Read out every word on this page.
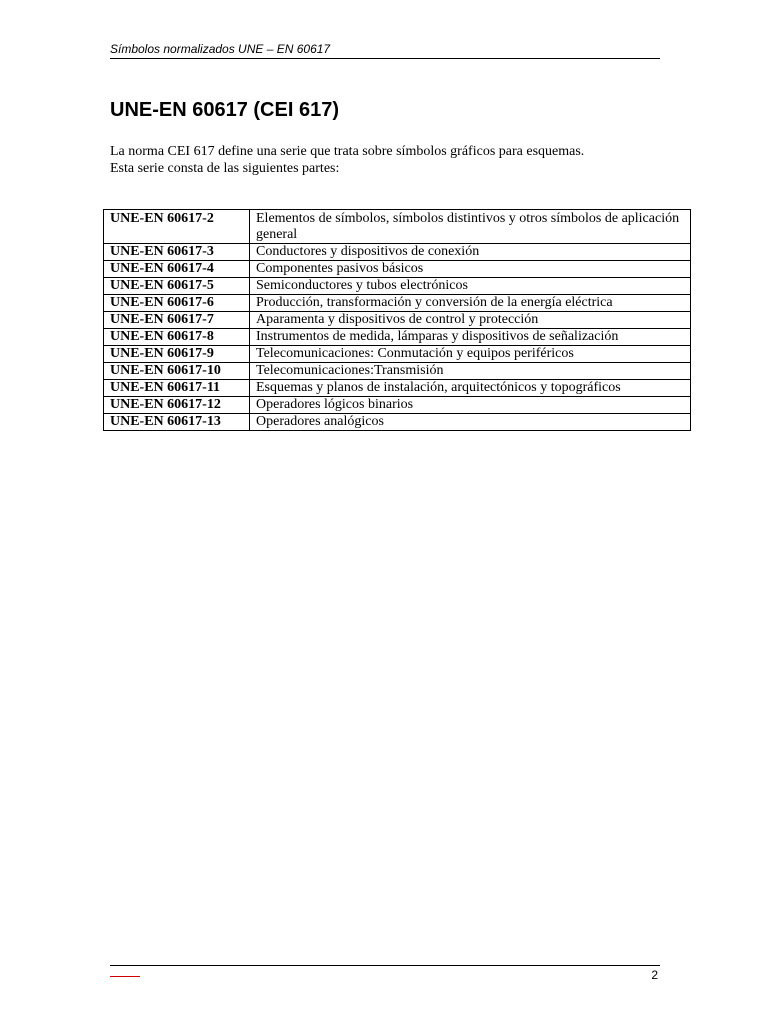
Símbolos normalizados UNE – EN 60617
UNE-EN 60617 (CEI 617)

La norma CEI 617 define una serie que trata sobre símbolos gráficos para esquemas.
Esta serie consta de las siguientes partes:

UNE-EN 60617-2	Elementos de símbolos, símbolos distintivos y otros símbolos de aplicación general
UNE-EN 60617-3	Conductores y dispositivos de conexión
UNE-EN 60617-4	Componentes pasivos básicos
UNE-EN 60617-5	Semiconductores y tubos electrónicos
UNE-EN 60617-6	Producción, transformación y conversión de la energía eléctrica
UNE-EN 60617-7	Aparamenta y dispositivos de control y protección
UNE-EN 60617-8	Instrumentos de medida, lámparas y dispositivos de señalización
UNE-EN 60617-9	Telecomunicaciones: Conmutación y equipos periféricos
UNE-EN 60617-10	Telecomunicaciones:Transmisión
UNE-EN 60617-11	Esquemas y planos de instalación, arquitectónicos y topográficos
UNE-EN 60617-12	Operadores lógicos binarios
UNE-EN 60617-13	Operadores analógicos
2
